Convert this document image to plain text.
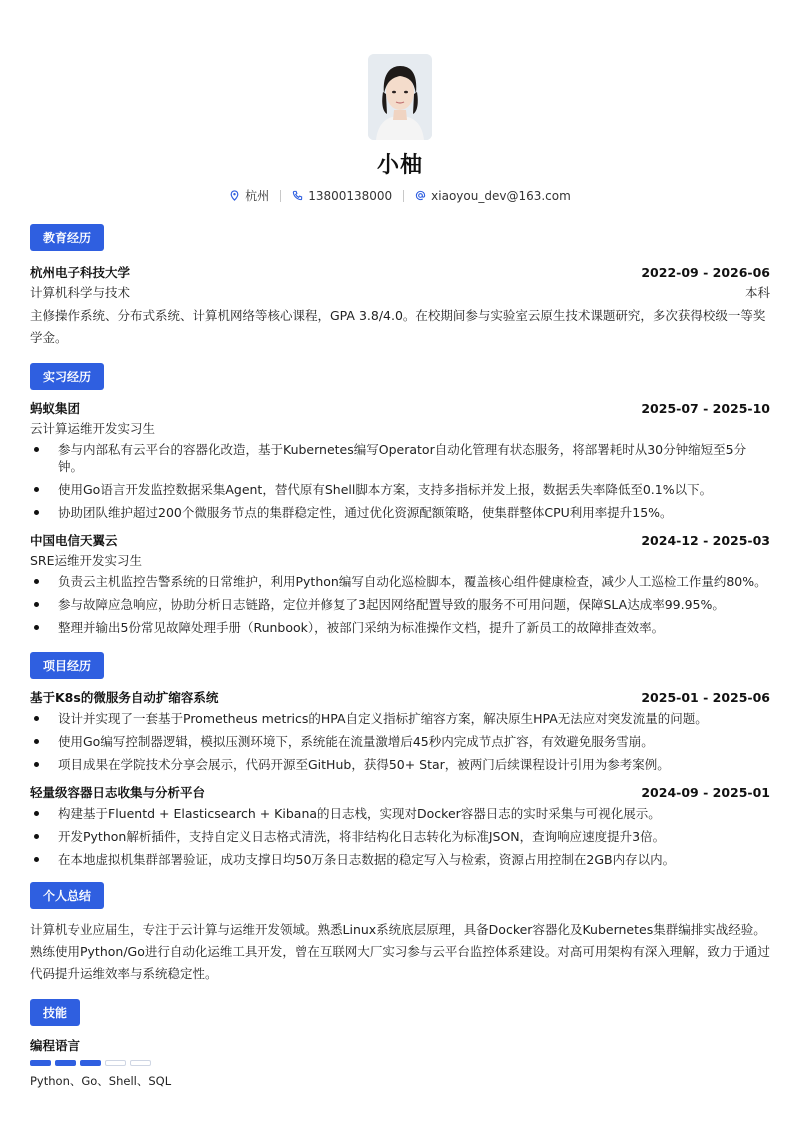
小柚
杭州	13800138000	xiaoyou_dev@163.com
教育经历
杭州电子科技大学	2022-09 - 2026-06
计算机科学与技术	本科
主修操作系统、分布式系统、计算机网络等核心课程，GPA 3.8/4.0。在校期间参与实验室云原生技术课题研究，多次获得校级一等奖学金。
实习经历
蚂蚁集团	2025-07 - 2025-10
云计算运维开发实习生
参与内部私有云平台的容器化改造，基于Kubernetes编写Operator自动化管理有状态服务，将部署耗时从30分钟缩短至5分钟。
使用Go语言开发监控数据采集Agent，替代原有Shell脚本方案，支持多指标并发上报，数据丢失率降低至0.1%以下。
协助团队维护超过200个微服务节点的集群稳定性，通过优化资源配额策略，使集群整体CPU利用率提升15%。
中国电信天翼云	2024-12 - 2025-03
SRE运维开发实习生
负责云主机监控告警系统的日常维护，利用Python编写自动化巡检脚本，覆盖核心组件健康检查，减少人工巡检工作量约80%。
参与故障应急响应，协助分析日志链路，定位并修复了3起因网络配置导致的服务不可用问题，保障SLA达成率99.95%。
整理并输出5份常见故障处理手册（Runbook），被部门采纳为标准操作文档，提升了新员工的故障排查效率。
项目经历
基于K8s的微服务自动扩缩容系统	2025-01 - 2025-06
设计并实现了一套基于Prometheus metrics的HPA自定义指标扩缩容方案，解决原生HPA无法应对突发流量的问题。
使用Go编写控制器逻辑，模拟压测环境下，系统能在流量激增后45秒内完成节点扩容，有效避免服务雪崩。
项目成果在学院技术分享会展示，代码开源至GitHub，获得50+ Star，被两门后续课程设计引用为参考案例。
轻量级容器日志收集与分析平台	2024-09 - 2025-01
构建基于Fluentd + Elasticsearch + Kibana的日志栈，实现对Docker容器日志的实时采集与可视化展示。
开发Python解析插件，支持自定义日志格式清洗，将非结构化日志转化为标准JSON，查询响应速度提升3倍。
在本地虚拟机集群部署验证，成功支撑日均50万条日志数据的稳定写入与检索，资源占用控制在2GB内存以内。
个人总结
计算机专业应届生，专注于云计算与运维开发领域。熟悉Linux系统底层原理，具备Docker容器化及Kubernetes集群编排实战经验。熟练使用Python/Go进行自动化运维工具开发，曾在互联网大厂实习参与云平台监控体系建设。对高可用架构有深入理解，致力于通过代码提升运维效率与系统稳定性。
技能
编程语言
Python、Go、Shell、SQL
